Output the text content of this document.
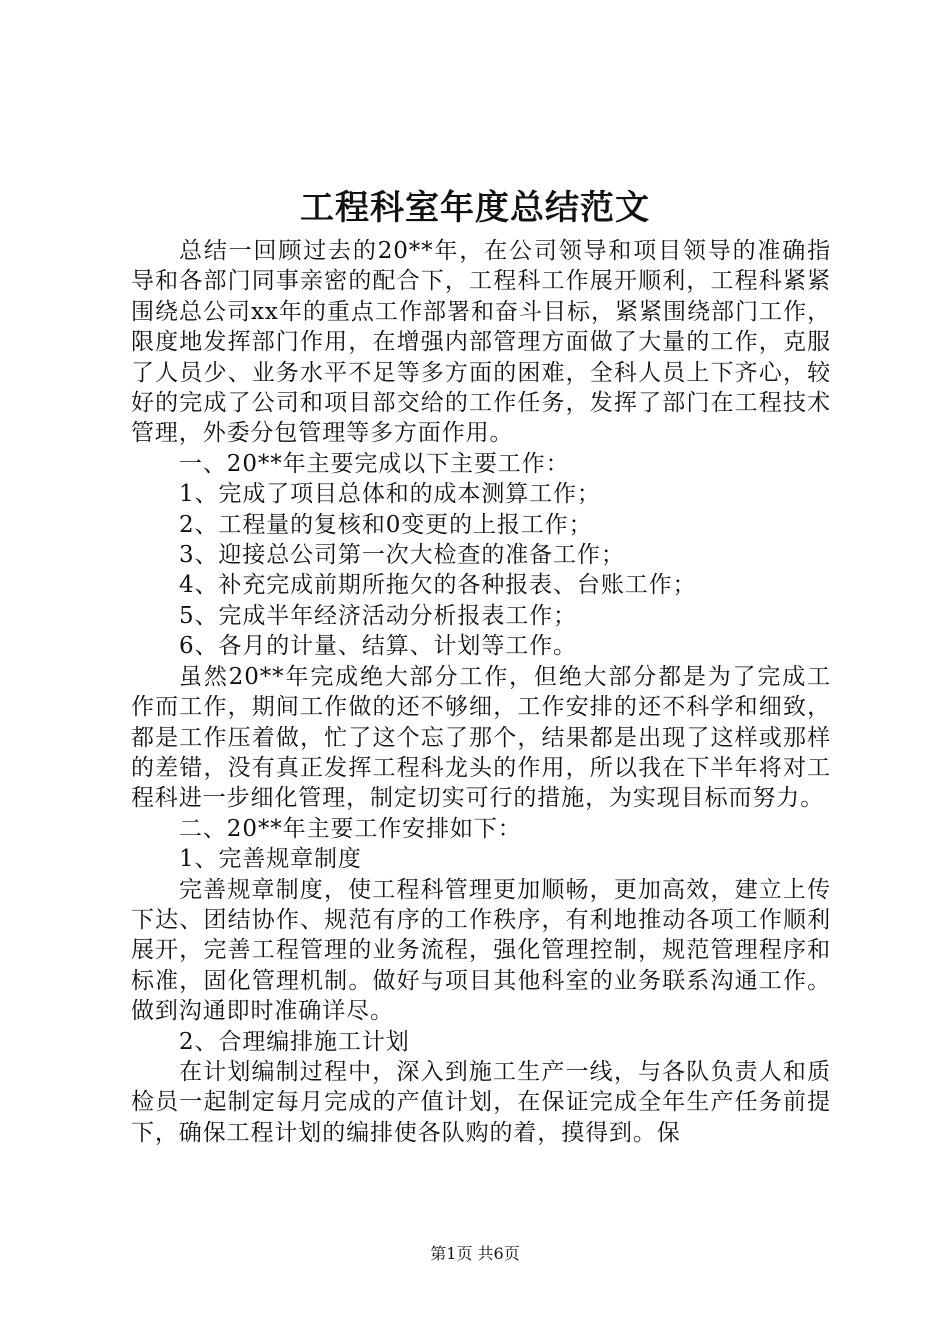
工程科室年度总结范文

总结一回顾过去的20**年，在公司领导和项目领导的准确指导和各部门同事亲密的配合下，工程科工作展开顺利，工程科紧紧围绕总公司xx年的重点工作部署和奋斗目标，紧紧围绕部门工作，限度地发挥部门作用，在增强内部管理方面做了大量的工作，克服了人员少、业务水平不足等多方面的困难，全科人员上下齐心，较好的完成了公司和项目部交给的工作任务，发挥了部门在工程技术管理，外委分包管理等多方面作用。

一、20**年主要完成以下主要工作：

1、完成了项目总体和的成本测算工作；

2、工程量的复核和0变更的上报工作；

3、迎接总公司第一次大检查的准备工作；

4、补充完成前期所拖欠的各种报表、台账工作；

5、完成半年经济活动分析报表工作；

6、各月的计量、结算、计划等工作。

虽然20**年完成绝大部分工作，但绝大部分都是为了完成工作而工作，期间工作做的还不够细，工作安排的还不科学和细致，都是工作压着做，忙了这个忘了那个，结果都是出现了这样或那样的差错，没有真正发挥工程科龙头的作用，所以我在下半年将对工程科进一步细化管理，制定切实可行的措施，为实现目标而努力。

二、20**年主要工作安排如下：

1、完善规章制度

完善规章制度，使工程科管理更加顺畅，更加高效，建立上传下达、团结协作、规范有序的工作秩序，有利地推动各项工作顺利展开，完善工程管理的业务流程，强化管理控制，规范管理程序和标准，固化管理机制。做好与项目其他科室的业务联系沟通工作。做到沟通即时准确详尽。

2、合理编排施工计划

在计划编制过程中，深入到施工生产一线，与各队负责人和质检员一起制定每月完成的产值计划，在保证完成全年生产任务前提下，确保工程计划的编排使各队购的着，摸得到。保

第1页 共6页
